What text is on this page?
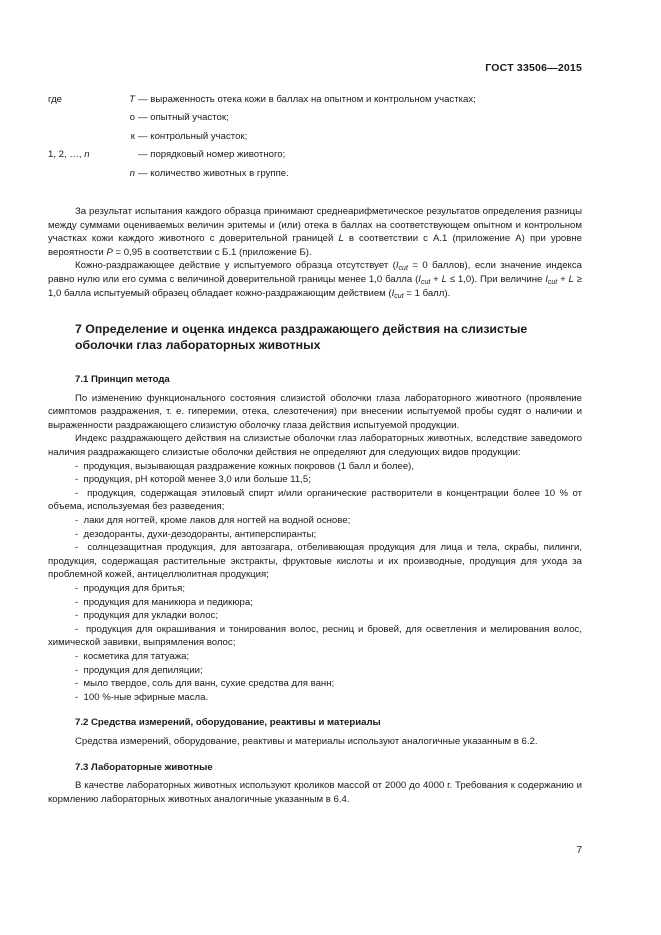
ГОСТ 33506—2015
где	T — выраженность отека кожи в баллах на опытном и контрольном участках;
о — опытный участок;
к — контрольный участок;
1, 2, …, n	— порядковый номер животного;
n — количество животных в группе.

За результат испытания каждого образца принимают среднеарифметическое результатов определения разницы между суммами оцениваемых величин эритемы и (или) отека в баллах на соответствующем опытном и контрольном участках кожи каждого животного с доверительной границей L в соответствии с А.1 (приложение А) при уровне вероятности P = 0,95 в соответствии с Б.1 (приложение Б).

Кожно-раздражающее действие у испытуемого образца отсутствует ($I_{cut} = 0$ баллов), если значение индекса равно нулю или его сумма с величиной доверительной границы менее 1,0 балла $(I_{cut} + L \le 1,0)$. При величине $I_{cut} + L \ge 1,0$ балла испытуемый образец обладает кожно-раздражающим действием ($I_{cut} = 1$ балл).

7 Определение и оценка индекса раздражающего действия на слизистые оболочки глаз лабораторных животных
7.1 Принцип метода

По изменению функционального состояния слизистой оболочки глаза лабораторного животного (проявление симптомов раздражения, т. е. гиперемии, отека, слезотечения) при внесении испытуемой пробы судят о наличии и выраженности раздражающего слизистую оболочку глаза действия испытуемой продукции.

Индекс раздражающего действия на слизистые оболочки глаз лабораторных животных, вследствие заведомого наличия раздражающего слизистые оболочки действия не определяют для следующих видов продукции:

-  продукция, вызывающая раздражение кожных покровов (1 балл и более),
-  продукция, pH которой менее 3,0 или больше 11,5;
-  продукция, содержащая этиловый спирт и/или органические растворители в концентрации более 10 % от объема, используемая без разведения;
-  лаки для ногтей, кроме лаков для ногтей на водной основе;
-  дезодоранты, духи-дезодоранты, антиперспиранты;
-  солнцезащитная продукция, для автозагара, отбеливающая продукция для лица и тела, скрабы, пилинги, продукция, содержащая растительные экстракты, фруктовые кислоты и их производные, продукция для ухода за проблемной кожей, антицеллюлитная продукция;
-  продукция для бритья;
-  продукция для маникюра и педикюра;
-  продукция для укладки волос;
-  продукция для окрашивания и тонирования волос, ресниц и бровей, для осветления и мелирования волос, химической завивки, выпрямления волос;
-  косметика для татуажа;
-  продукция для депиляции;
-  мыло твердое, соль для ванн, сухие средства для ванн;
-  100 %-ные эфирные масла.
7.2 Средства измерений, оборудование, реактивы и материалы

Средства измерений, оборудование, реактивы и материалы используют аналогичные указанным в 6.2.

7.3 Лабораторные животные

В качестве лабораторных животных используют кроликов массой от 2000 до 4000 г. Требования к содержанию и кормлению лабораторных животных аналогичные указанным в 6.4.

7
